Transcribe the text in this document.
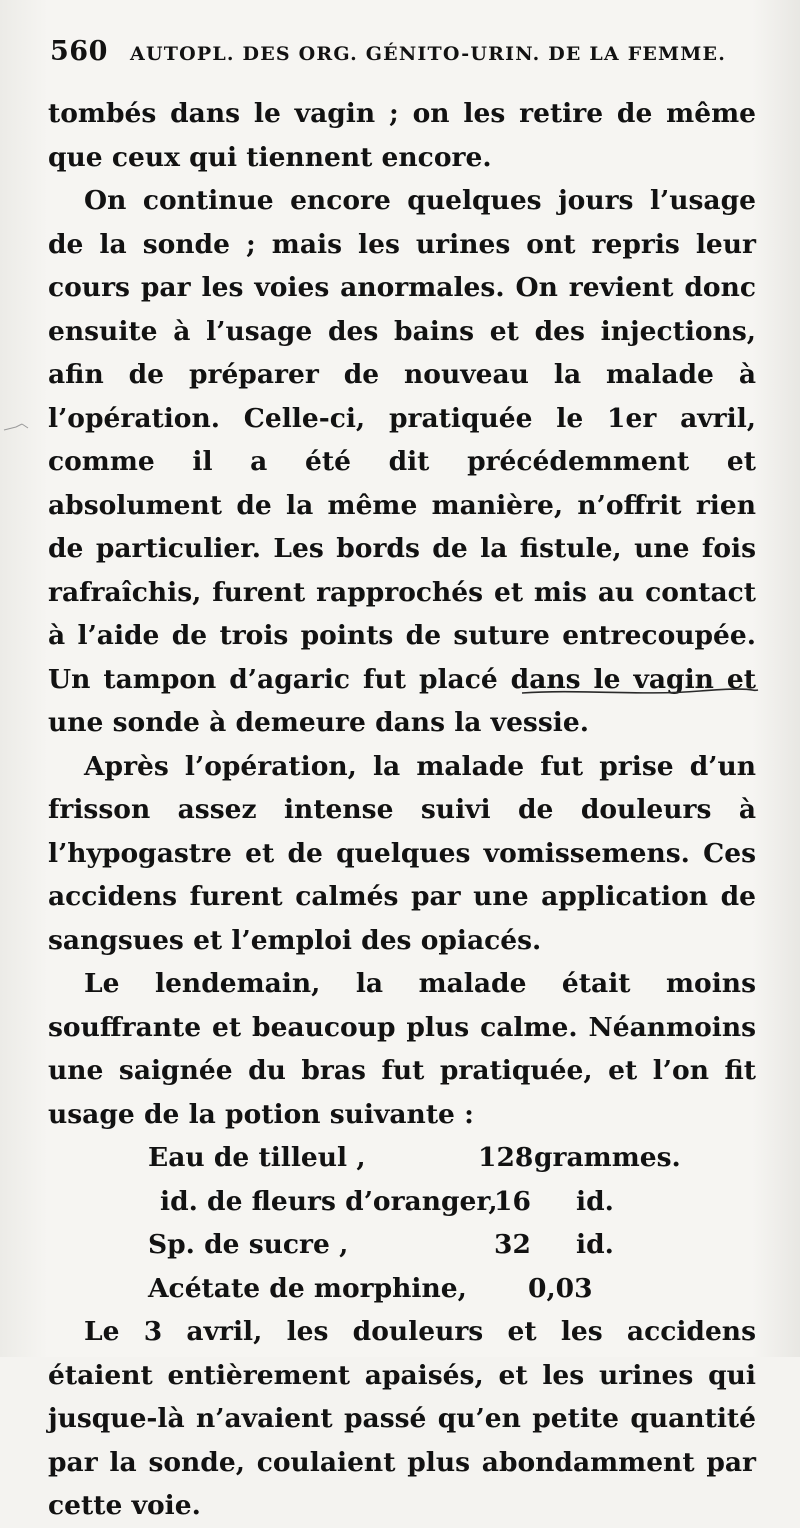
560 AUTOPL. DES ORG. GÉNITO-URIN. DE LA FEMME.

tombés dans le vagin ; on les retire de même que ceux qui tiennent encore.

On continue encore quelques jours l’usage de la sonde ; mais les urines ont repris leur cours par les voies anormales. On revient donc ensuite à l’usage des bains et des injections, afin de préparer de nouveau la malade à l’opération. Celle-ci, pratiquée le 1er avril, comme il a été dit précédemment et absolument de la même manière, n’offrit rien de particulier. Les bords de la fistule, une fois rafraîchis, furent rapprochés et mis au contact à l’aide de trois points de suture entrecoupée. Un tampon d’agaric fut placé dans le vagin et une sonde à demeure dans la vessie.

Après l’opération, la malade fut prise d’un frisson assez intense suivi de douleurs à l’hypogastre et de quelques vomissemens. Ces accidens furent calmés par une application de sangsues et l’emploi des opiacés.

Le lendemain, la malade était moins souffrante et beaucoup plus calme. Néanmoins une saignée du bras fut pratiquée, et l’on fit usage de la potion suivante :

Eau de tilleul ,	128 grammes.
id. de fleurs d’oranger,
16 id.
Sp. de sucre ,	32 id.
Acétate de morphine, 0,03

Le 3 avril, les douleurs et les accidens étaient entièrement apaisés, et les urines qui jusque-là n’avaient passé qu’en petite quantité par la sonde, coulaient plus abondamment par cette voie.
